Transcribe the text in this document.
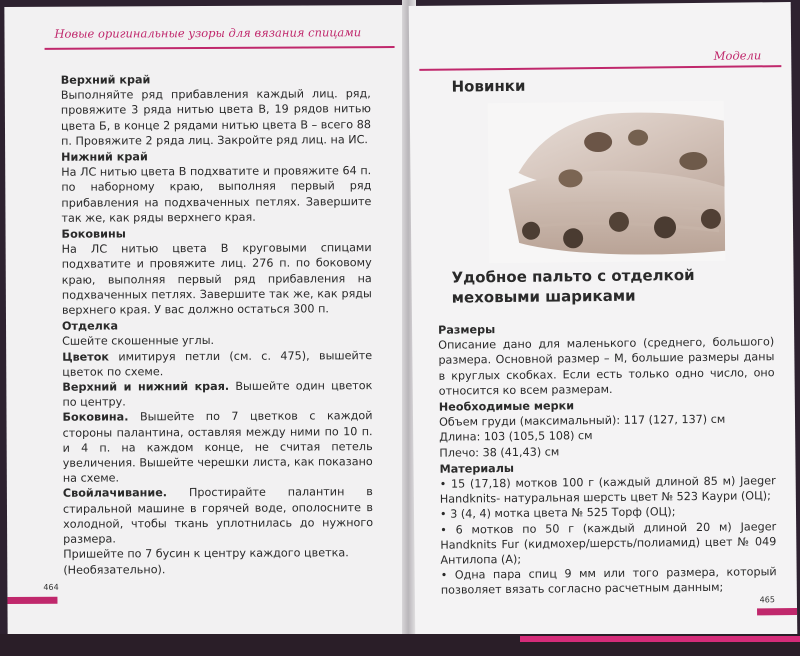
Новые оригинальные узоры для вязания спицами
Верхний край

Выполняйте ряд прибавления каждый лиц. ряд, провяжите 3 ряда нитью цвета В, 19 рядов нитью цвета Б, в конце 2 рядами нитью цвета В – всего 88 п. Провяжите 2 ряда лиц. Закройте ряд лиц. на ИС.

Нижний край

На ЛС нитью цвета В подхватите и провяжите 64 п. по наборному краю, выполняя первый ряд прибавления на подхваченных петлях. Завершите так же, как ряды верхнего края.

Боковины

На ЛС нитью цвета В круговыми спицами подхватите и провяжите лиц. 276 п. по боковому краю, выполняя первый ряд прибавления на подхваченных петлях. Завершите так же, как ряды верхнего края. У вас должно остаться 300 п.

Отделка

Сшейте скошенные углы.

Цветок имитируя петли (см. с. 475), вышейте цветок по схеме.

Верхний и нижний края. Вышейте один цветок по центру.

Боковина. Вышейте по 7 цветков с каждой стороны палантина, оставляя между ними по 10 п. и 4 п. на каждом конце, не считая петель увеличения. Вышейте черешки листа, как показано на схеме.

Свойлачивание. Простирайте палантин в стиральной машине в горячей воде, ополосните в холодной, чтобы ткань уплотнилась до нужного размера.

Пришейте по 7 бусин к центру каждого цветка. (Необязательно).

464
Модели
Новинки
Удобное пальто с отделкой меховыми шариками
Размеры

Описание дано для маленького (среднего, большого) размера. Основной размер – М, большие размеры даны в круглых скобках. Если есть только одно число, оно относится ко всем размерам.

Необходимые мерки

Объем груди (максимальный): 117 (127, 137) см

Длина: 103 (105,5 108) см

Плечо: 38 (41,43) см

Материалы

• 15 (17,18) мотков 100 г (каждый длиной 85 м) Jaeger Handknits- натуральная шерсть цвет № 523 Каури (ОЦ);

• 3 (4, 4) мотка цвета № 525 Торф (ОЦ);

• 6 мотков по 50 г (каждый длиной 20 м) Jaeger Handknits Fur (кидмохер/шерсть/полиамид) цвет № 049 Антилопа (А);

• Одна пара спиц 9 мм или того размера, который позволяет вязать согласно расчетным данным;

465
